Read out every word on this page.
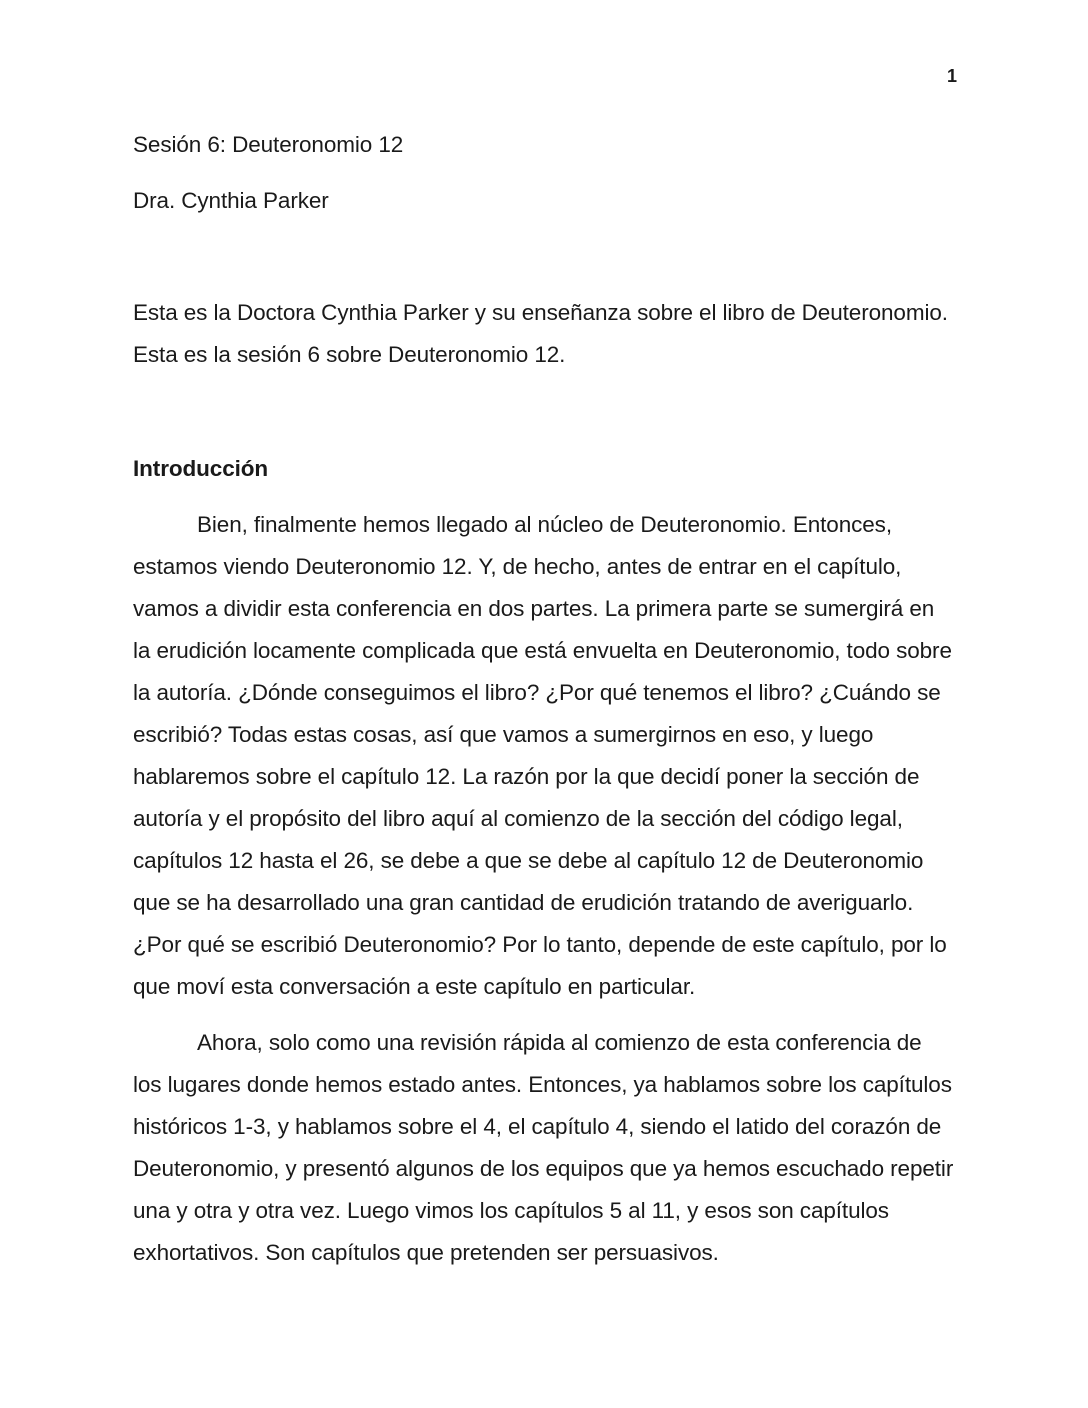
1

Sesión 6: Deuteronomio 12

Dra. Cynthia Parker

Esta es la Doctora Cynthia Parker y su enseñanza sobre el libro de Deuteronomio. Esta es la sesión 6 sobre Deuteronomio 12.

Introducción

Bien, finalmente hemos llegado al núcleo de Deuteronomio. Entonces, estamos viendo Deuteronomio 12. Y, de hecho, antes de entrar en el capítulo, vamos a dividir esta conferencia en dos partes. La primera parte se sumergirá en la erudición locamente complicada que está envuelta en Deuteronomio, todo sobre la autoría. ¿Dónde conseguimos el libro? ¿Por qué tenemos el libro? ¿Cuándo se escribió? Todas estas cosas, así que vamos a sumergirnos en eso, y luego hablaremos sobre el capítulo 12. La razón por la que decidí poner la sección de autoría y el propósito del libro aquí al comienzo de la sección del código legal, capítulos 12 hasta el 26, se debe a que se debe al capítulo 12 de Deuteronomio que se ha desarrollado una gran cantidad de erudición tratando de averiguarlo. ¿Por qué se escribió Deuteronomio? Por lo tanto, depende de este capítulo, por lo que moví esta conversación a este capítulo en particular.

Ahora, solo como una revisión rápida al comienzo de esta conferencia de los lugares donde hemos estado antes. Entonces, ya hablamos sobre los capítulos históricos 1-3, y hablamos sobre el 4, el capítulo 4, siendo el latido del corazón de Deuteronomio, y presentó algunos de los equipos que ya hemos escuchado repetir una y otra y otra vez. Luego vimos los capítulos 5 al 11, y esos son capítulos exhortativos. Son capítulos que pretenden ser persuasivos.
